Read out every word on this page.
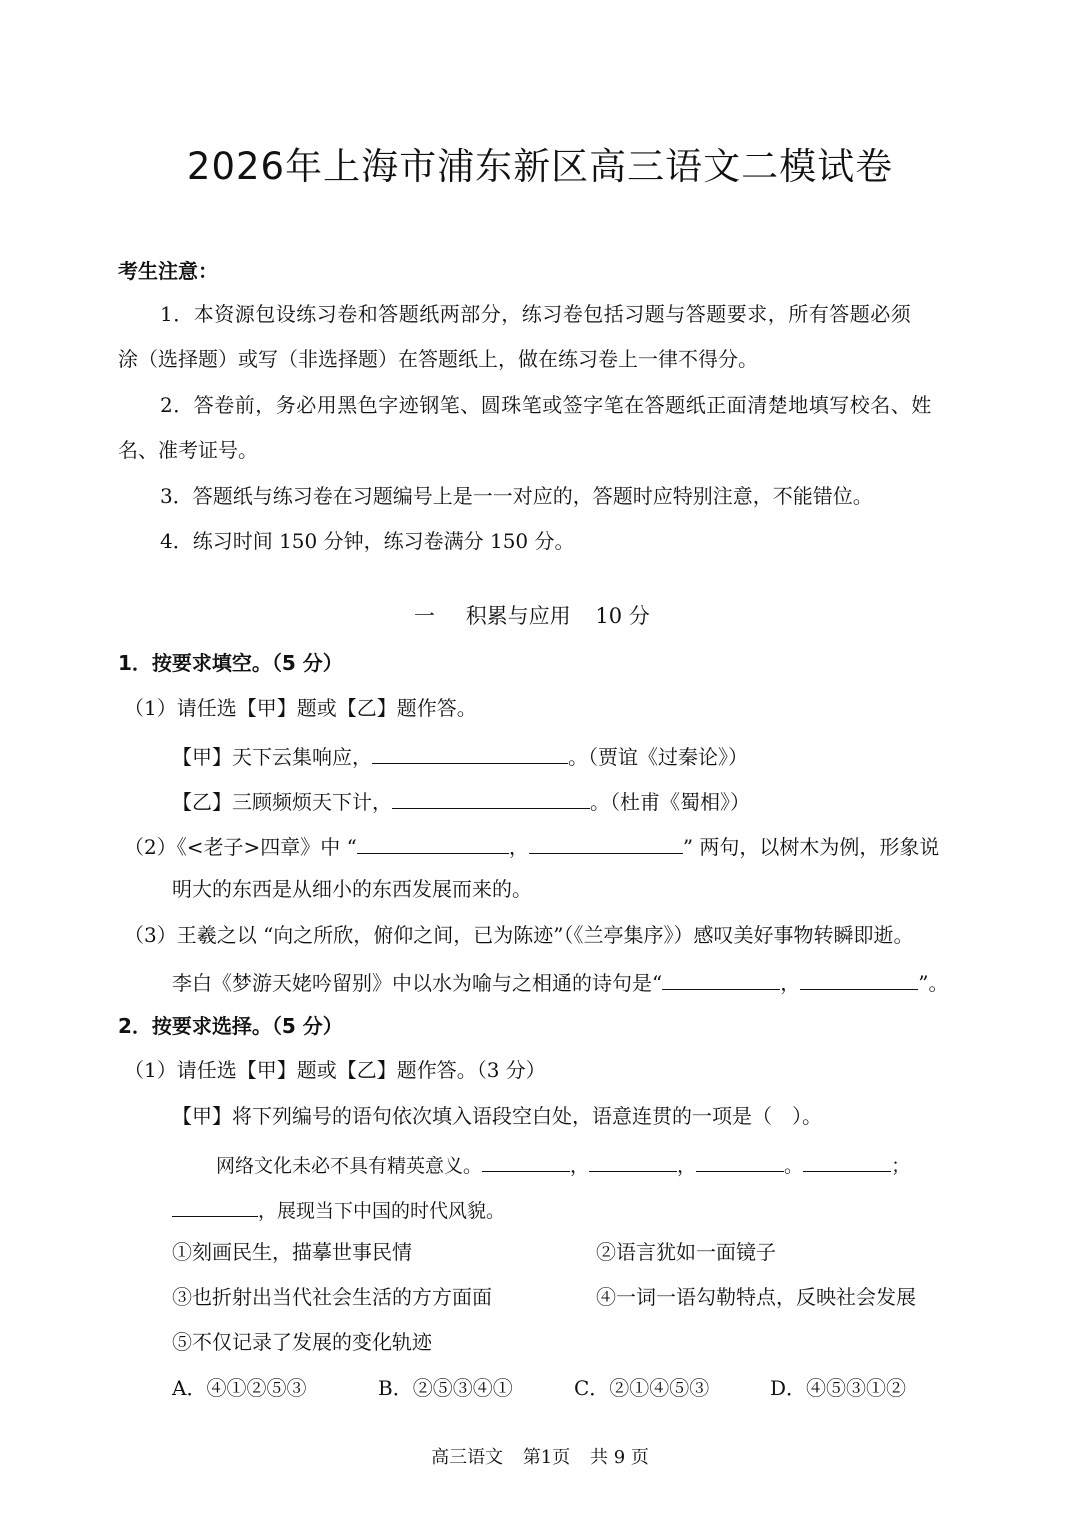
2026年上海市浦东新区高三语文二模试卷
考生注意：
1．本资源包设练习卷和答题纸两部分，练习卷包括习题与答题要求，所有答题必须
涂（选择题）或写（非选择题）在答题纸上，做在练习卷上一律不得分。
2．答卷前，务必用黑色字迹钢笔、圆珠笔或签字笔在答题纸正面清楚地填写校名、姓
名、准考证号。
3．答题纸与练习卷在习题编号上是一一对应的，答题时应特别注意，不能错位。
4．练习时间 150 分钟，练习卷满分 150 分。
一 积累与应用 10 分
1．按要求填空。（5 分）
（1）请任选【甲】题或【乙】题作答。
【甲】天下云集响应，	。（贾谊《过秦论》）
【乙】三顾频烦天下计，	。（杜甫《蜀相》）
（2）《<老子>四章》中 “	，	” 两句，以树木为例，形象说
明大的东西是从细小的东西发展而来的。
（3）王羲之以 “向之所欣，俯仰之间，已为陈迹”（《兰亭集序》）感叹美好事物转瞬即逝。
李白《梦游天姥吟留别》中以水为喻与之相通的诗句是“	，	”。
2．按要求选择。（5 分）
（1）请任选【甲】题或【乙】题作答。（3 分）
【甲】将下列编号的语句依次填入语段空白处，语意连贯的一项是（　）。
网络文化未必不具有精英意义。	，	，	。	；
，展现当下中国的时代风貌。
①刻画民生，描摹世事民情	②语言犹如一面镜子
③也折射出当代社会生活的方方面面	④一词一语勾勒特点，反映社会发展
⑤不仅记录了发展的变化轨迹
A．④①②⑤③	B．②⑤③④①	C．②①④⑤③	D．④⑤③①②
高三语文 第1页 共 9 页
